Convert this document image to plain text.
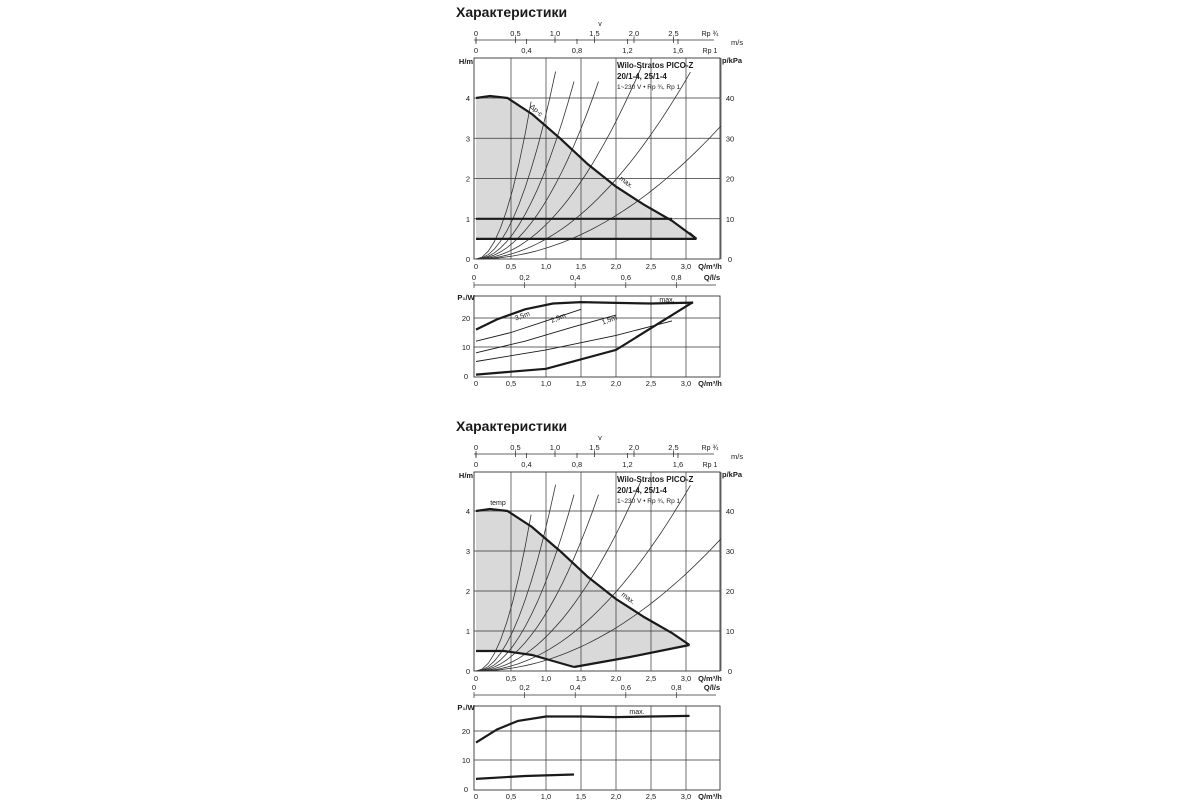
Характеристики
Характеристики
0	0,5	1,0	1,5	2,0	2,5
0	0,4	0,8	1,2	1,6
Rp ¾
Rp 1
m/s
v
H/m	p/kPa
0
1
2
3
4
0
10
20
30
40
0	0,5	1,0	1,5	2,0	2,5	3,0 Q/m³/h
Wilo-Stratos PICO-Z
20/1-4, 25/1-4
1~230 V • Rp ¾, Rp 1
Δp-c
max.
0	0,2	0,4	0,6	0,8	Q/l/s
P₁/W
0
10
20
0	0,5	1,0	1,5	2,0	2,5	3,0 Q/m³/h
3,5m	2,5m	1,5m
max.
0	0,5	1,0	1,5	2,0	2,5
0	0,4	0,8	1,2	1,6
Rp ¾
Rp 1
m/s
v
H/m	p/kPa
0
1
2
3
4
0
10
20
30
40
0	0,5	1,0	1,5	2,0	2,5	3,0 Q/m³/h
Wilo-Stratos PICO-Z
20/1-4, 25/1-4
1~230 V • Rp ¾, Rp 1
temp
max.
0	0,2	0,4	0,6	0,8	Q/l/s
P₁/W
0
10
20
0	0,5	1,0	1,5	2,0	2,5	3,0 Q/m³/h
max.
